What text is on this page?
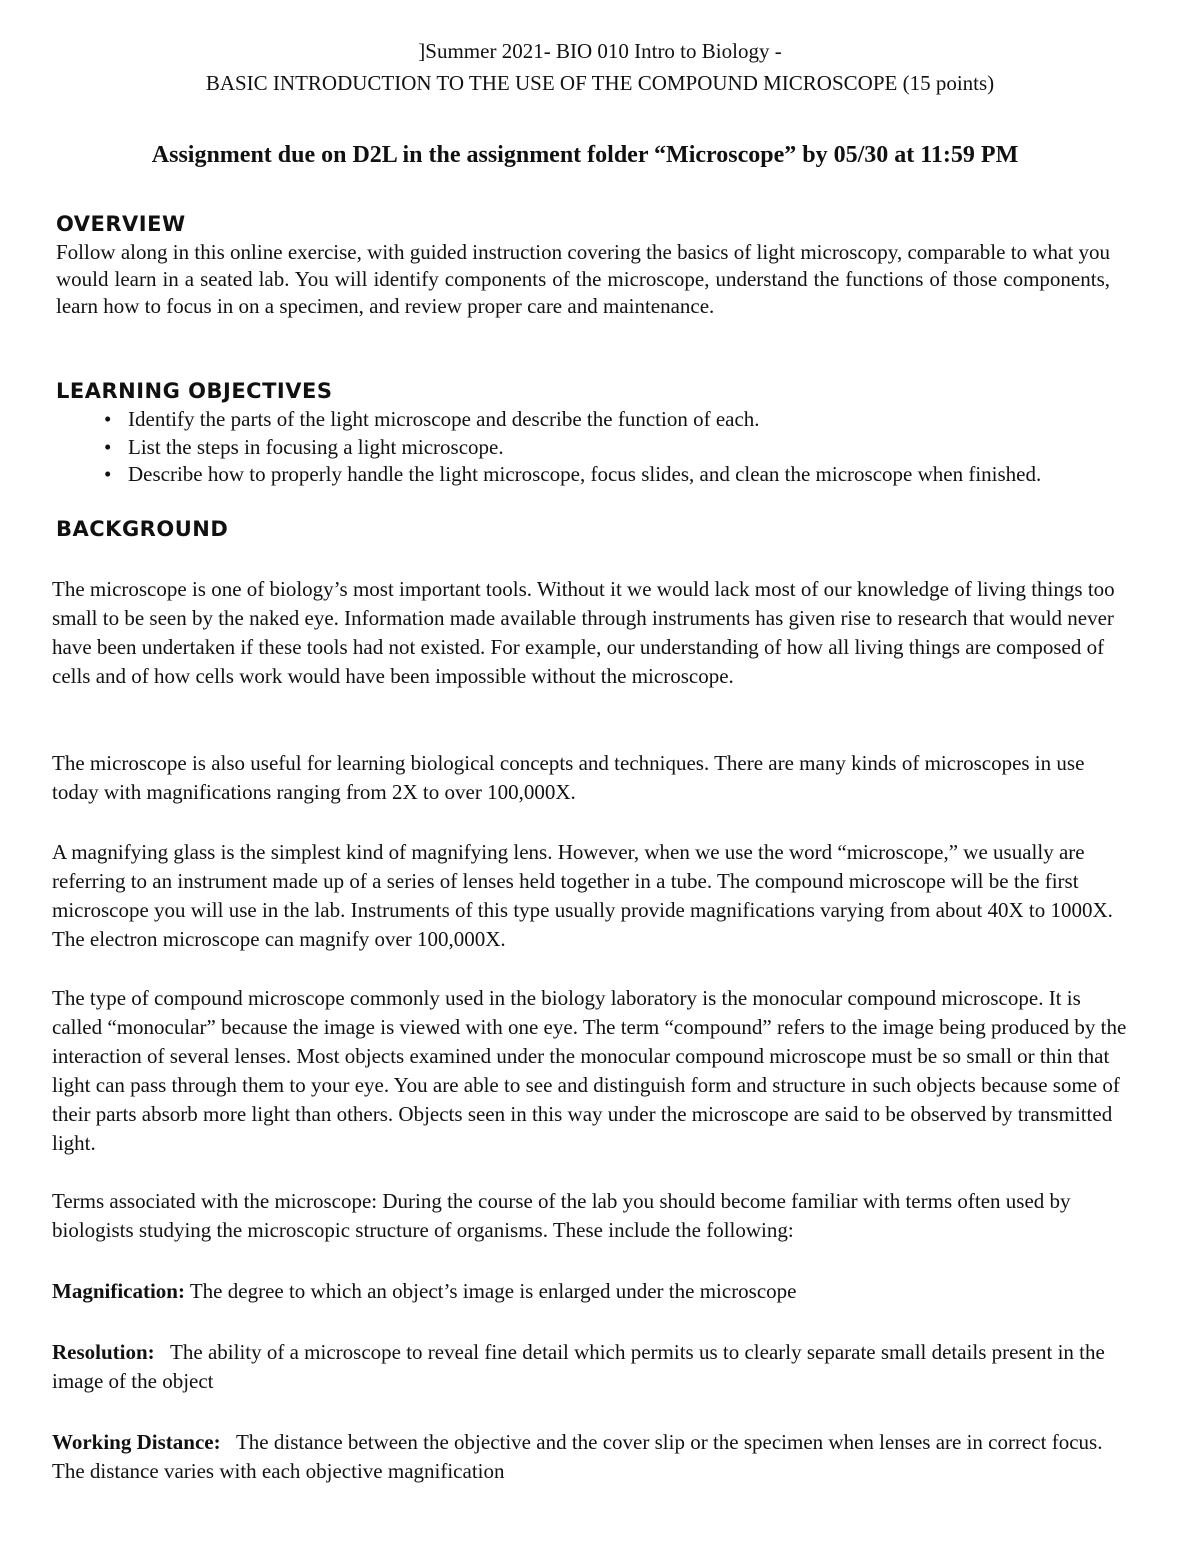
]Summer 2021- BIO 010 Intro to Biology -
BASIC INTRODUCTION TO THE USE OF THE COMPOUND MICROSCOPE (15 points)
Assignment due on D2L in the assignment folder “Microscope” by 05/30 at 11:59 PM
OVERVIEW
Follow along in this online exercise, with guided instruction covering the basics of light microscopy, comparable to what you would learn in a seated lab. You will identify components of the microscope, understand the functions of those components, learn how to focus in on a specimen, and review proper care and maintenance.
LEARNING OBJECTIVES
• Identify the parts of the light microscope and describe the function of each.
• List the steps in focusing a light microscope.
• Describe how to properly handle the light microscope, focus slides, and clean the microscope when finished.
BACKGROUND
The microscope is one of biology’s most important tools. Without it we would lack most of our knowledge of living things too small to be seen by the naked eye. Information made available through instruments has given rise to research that would never have been undertaken if these tools had not existed. For example, our understanding of how all living things are composed of cells and of how cells work would have been impossible without the microscope.
The microscope is also useful for learning biological concepts and techniques. There are many kinds of microscopes in use today with magnifications ranging from 2X to over 100,000X.
A magnifying glass is the simplest kind of magnifying lens. However, when we use the word “microscope,” we usually are referring to an instrument made up of a series of lenses held together in a tube. The compound microscope will be the first microscope you will use in the lab. Instruments of this type usually provide magnifications varying from about 40X to 1000X. The electron microscope can magnify over 100,000X.
The type of compound microscope commonly used in the biology laboratory is the monocular compound microscope. It is called “monocular” because the image is viewed with one eye. The term “compound” refers to the image being produced by the interaction of several lenses. Most objects examined under the monocular compound microscope must be so small or thin that light can pass through them to your eye. You are able to see and distinguish form and structure in such objects because some of their parts absorb more light than others. Objects seen in this way under the microscope are said to be observed by transmitted light.
Terms associated with the microscope: During the course of the lab you should become familiar with terms often used by biologists studying the microscopic structure of organisms. These include the following:
Magnification: The degree to which an object’s image is enlarged under the microscope
Resolution:   The ability of a microscope to reveal fine detail which permits us to clearly separate small details present in the image of the object
Working Distance:   The distance between the objective and the cover slip or the specimen when lenses are in correct focus. The distance varies with each objective magnification
